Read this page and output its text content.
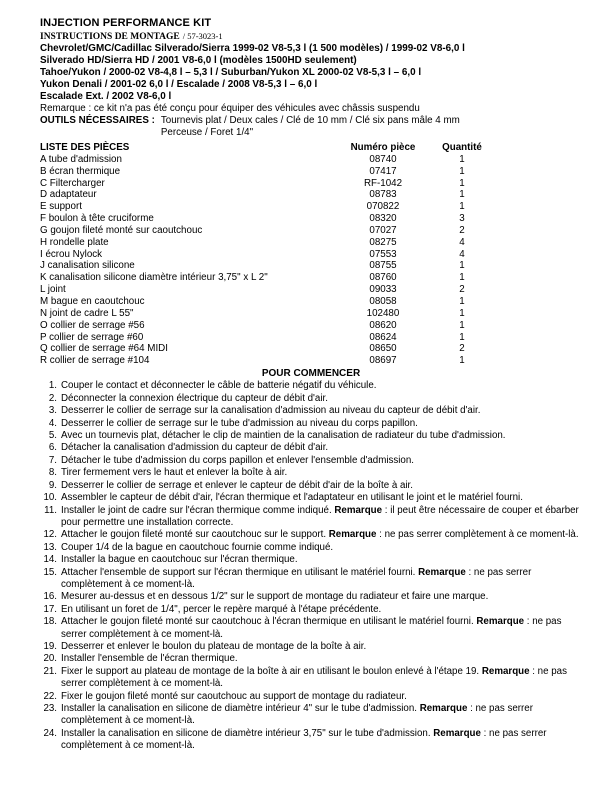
INJECTION PERFORMANCE KIT
INSTRUCTIONS DE MONTAGE / 57-3023-1
Chevrolet/GMC/Cadillac Silverado/Sierra 1999-02 V8-5,3 l (1 500 modèles) / 1999-02 V8-6,0 l
Silverado HD/Sierra HD / 2001 V8-6,0 l (modèles 1500HD seulement)
Tahoe/Yukon / 2000-02 V8-4,8 l – 5,3 l / Suburban/Yukon XL 2000-02 V8-5,3 l – 6,0 l
Yukon Denali / 2001-02 6,0 l / Escalade / 2008 V8-5,3 l – 6,0 l
Escalade Ext. / 2002 V8-6,0 l
Remarque : ce kit n'a pas été conçu pour équiper des véhicules avec châssis suspendu
OUTILS NÉCESSAIRES : Tournevis plat / Deux cales / Clé de 10 mm / Clé six pans mâle 4 mm
Perceuse / Foret 1/4"
LISTE DES PIÈCES	Numéro pièce	Quantité
A tube d'admission	08740	1
B écran thermique	07417	1
C Filtercharger	RF-1042	1
D adaptateur	08783	1
E support	070822	1
F boulon à tête cruciforme	08320	3
G goujon fileté monté sur caoutchouc	07027	2
H rondelle plate	08275	4
I écrou Nylock	07553	4
J canalisation silicone	08755	1
K canalisation silicone diamètre intérieur 3,75" x L 2"	08760	1
L joint	09033	2
M bague en caoutchouc	08058	1
N joint de cadre L 55"	102480	1
O collier de serrage #56	08620	1
P collier de serrage #60	08624	1
Q collier de serrage #64 MIDI	08650	2
R collier de serrage #104	08697	1
POUR COMMENCER
1. Couper le contact et déconnecter le câble de batterie négatif du véhicule.
2. Déconnecter la connexion électrique du capteur de débit d'air.
3. Desserrer le collier de serrage sur la canalisation d'admission au niveau du capteur de débit d'air.
4. Desserrer le collier de serrage sur le tube d'admission au niveau du corps papillon.
5. Avec un tournevis plat, détacher le clip de maintien de la canalisation de radiateur du tube d'admission.
6. Détacher la canalisation d'admission du capteur de débit d'air.
7. Détacher le tube d'admission du corps papillon et enlever l'ensemble d'admission.
8. Tirer fermement vers le haut et enlever la boîte à air.
9. Desserrer le collier de serrage et enlever le capteur de débit d'air de la boîte à air.
10. Assembler le capteur de débit d'air, l'écran thermique et l'adaptateur en utilisant le joint et le matériel fourni.
11. Installer le joint de cadre sur l'écran thermique comme indiqué. Remarque : il peut être nécessaire de couper et ébarber pour permettre une installation correcte.
12. Attacher le goujon fileté monté sur caoutchouc sur le support. Remarque : ne pas serrer complètement à ce moment-là.
13. Couper 1/4 de la bague en caoutchouc fournie comme indiqué.
14. Installer la bague en caoutchouc sur l'écran thermique.
15. Attacher l'ensemble de support sur l'écran thermique en utilisant le matériel fourni. Remarque : ne pas serrer complètement à ce moment-là.
16. Mesurer au-dessus et en dessous 1/2" sur le support de montage du radiateur et faire une marque.
17. En utilisant un foret de 1/4", percer le repère marqué à l'étape précédente.
18. Attacher le goujon fileté monté sur caoutchouc à l'écran thermique en utilisant le matériel fourni. Remarque : ne pas serrer complètement à ce moment-là.
19. Desserrer et enlever le boulon du plateau de montage de la boîte à air.
20. Installer l'ensemble de l'écran thermique.
21. Fixer le support au plateau de montage de la boîte à air en utilisant le boulon enlevé à l'étape 19. Remarque : ne pas serrer complètement à ce moment-là.
22. Fixer le goujon fileté monté sur caoutchouc au support de montage du radiateur.
23. Installer la canalisation en silicone de diamètre intérieur 4" sur le tube d'admission. Remarque : ne pas serrer complètement à ce moment-là.
24. Installer la canalisation en silicone de diamètre intérieur 3,75" sur le tube d'admission. Remarque : ne pas serrer complètement à ce moment-là.
